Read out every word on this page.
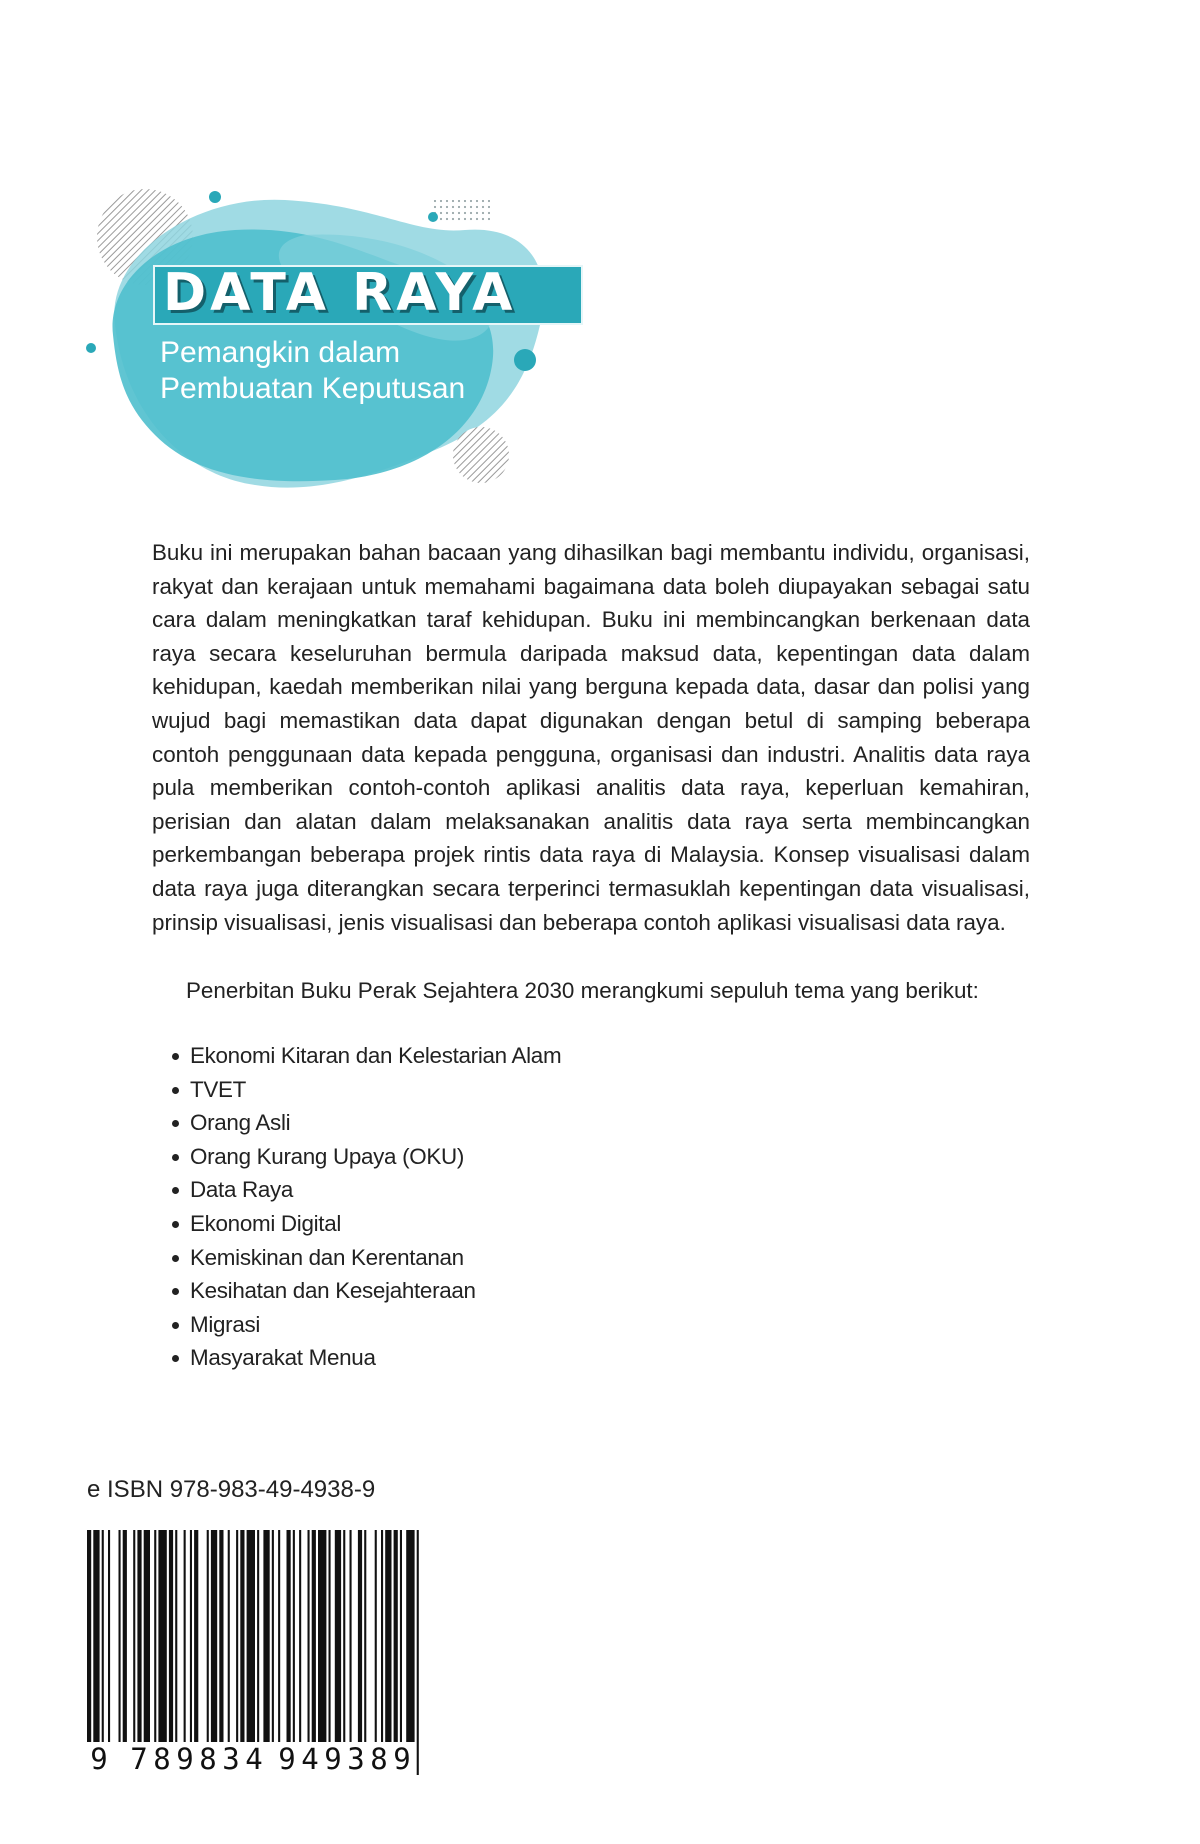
DATA RAYA

Pemangkin dalam
Pembuatan Keputusan

Buku ini merupakan bahan bacaan yang dihasilkan bagi membantu individu, organisasi, rakyat dan kerajaan untuk memahami bagaimana data boleh diupayakan sebagai satu cara dalam meningkatkan taraf kehidupan. Buku ini membincangkan berkenaan data raya secara keseluruhan bermula daripada maksud data, kepentingan data dalam kehidupan, kaedah memberikan nilai yang berguna kepada data, dasar dan polisi yang wujud bagi memastikan data dapat digunakan dengan betul di samping beberapa contoh penggunaan data kepada pengguna, organisasi dan industri. Analitis data raya pula memberikan contoh-contoh aplikasi analitis data raya, keperluan kemahiran, perisian dan alatan dalam melaksanakan analitis data raya serta membincangkan perkembangan beberapa projek rintis data raya di Malaysia. Konsep visualisasi dalam data raya juga diterangkan secara terperinci termasuklah kepentingan data visualisasi, prinsip visualisasi, jenis visualisasi dan beberapa contoh aplikasi visualisasi data raya.

Penerbitan Buku Perak Sejahtera 2030 merangkumi sepuluh tema yang berikut:

Ekonomi Kitaran dan Kelestarian Alam
TVET
Orang Asli
Orang Kurang Upaya (OKU)
Data Raya
Ekonomi Digital
Kemiskinan dan Kerentanan
Kesihatan dan Kesejahteraan
Migrasi
Masyarakat Menua

e ISBN 978-983-49-4938-9

9 7 8 9 8 3 4 9 4 9 3 8 9
